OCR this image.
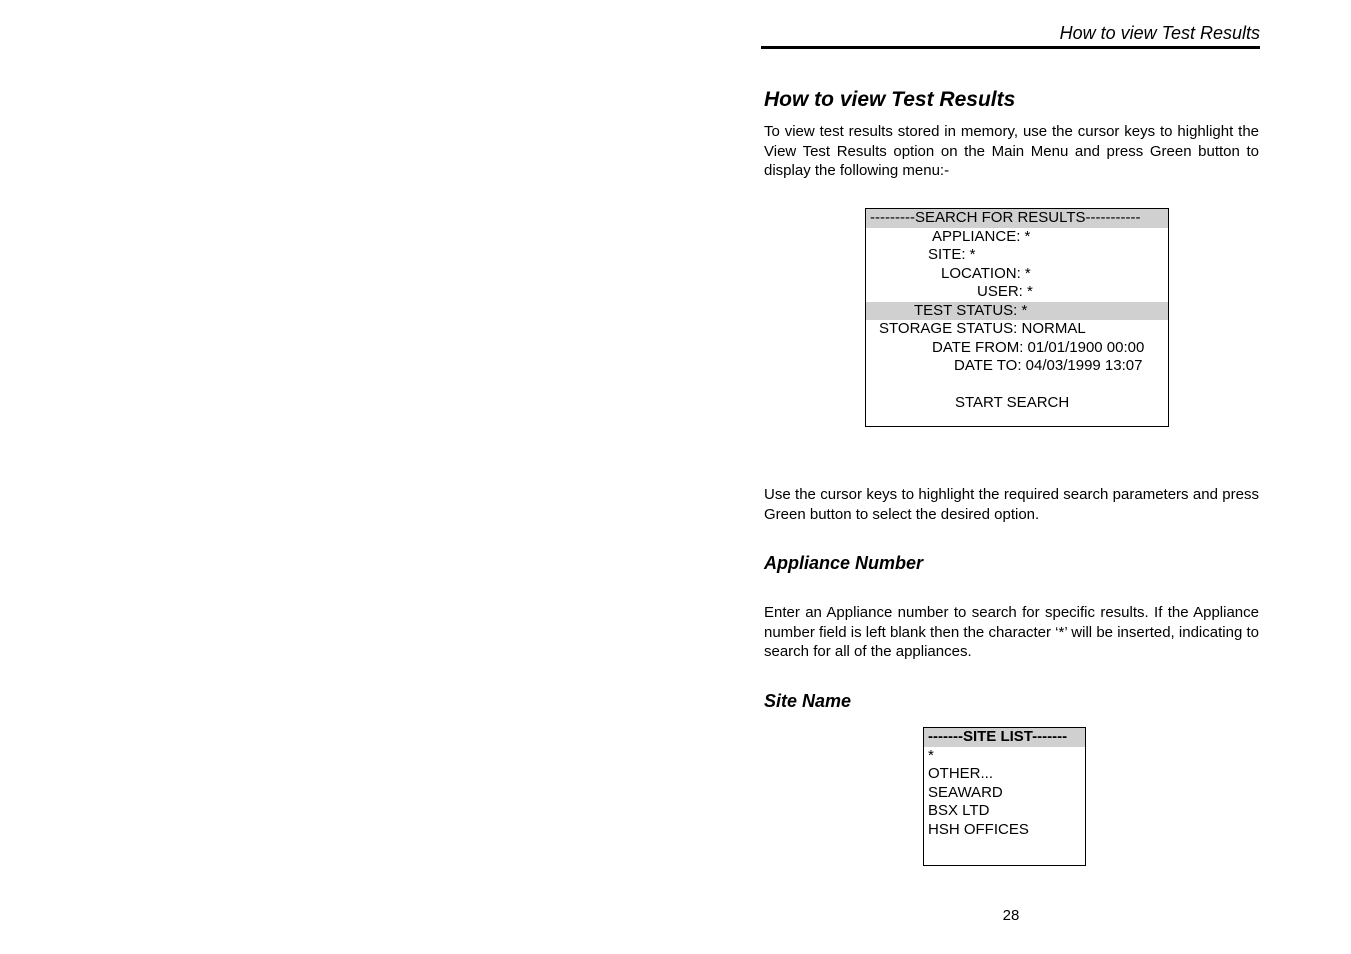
How to view Test Results
How to view Test Results

To view test results stored in memory, use the cursor keys to highlight the View Test Results option on the Main Menu and press Green button to display the following menu:-

---------SEARCH FOR RESULTS-----------
APPLIANCE: *
SITE: *
LOCATION: *
USER: *
TEST STATUS: *
STORAGE STATUS: NORMAL
DATE FROM: 01/01/1900 00:00
DATE TO: 04/03/1999 13:07
START SEARCH

Use the cursor keys to highlight the required search parameters and press Green button to select the desired option.

Appliance Number

Enter an Appliance number to search for specific results. If the Appliance number field is left blank then the character ‘*’ will be inserted, indicating to search for all of the appliances.

Site Name
-------SITE LIST-------
*
OTHER...
SEAWARD
BSX LTD
HSH OFFICES
28
